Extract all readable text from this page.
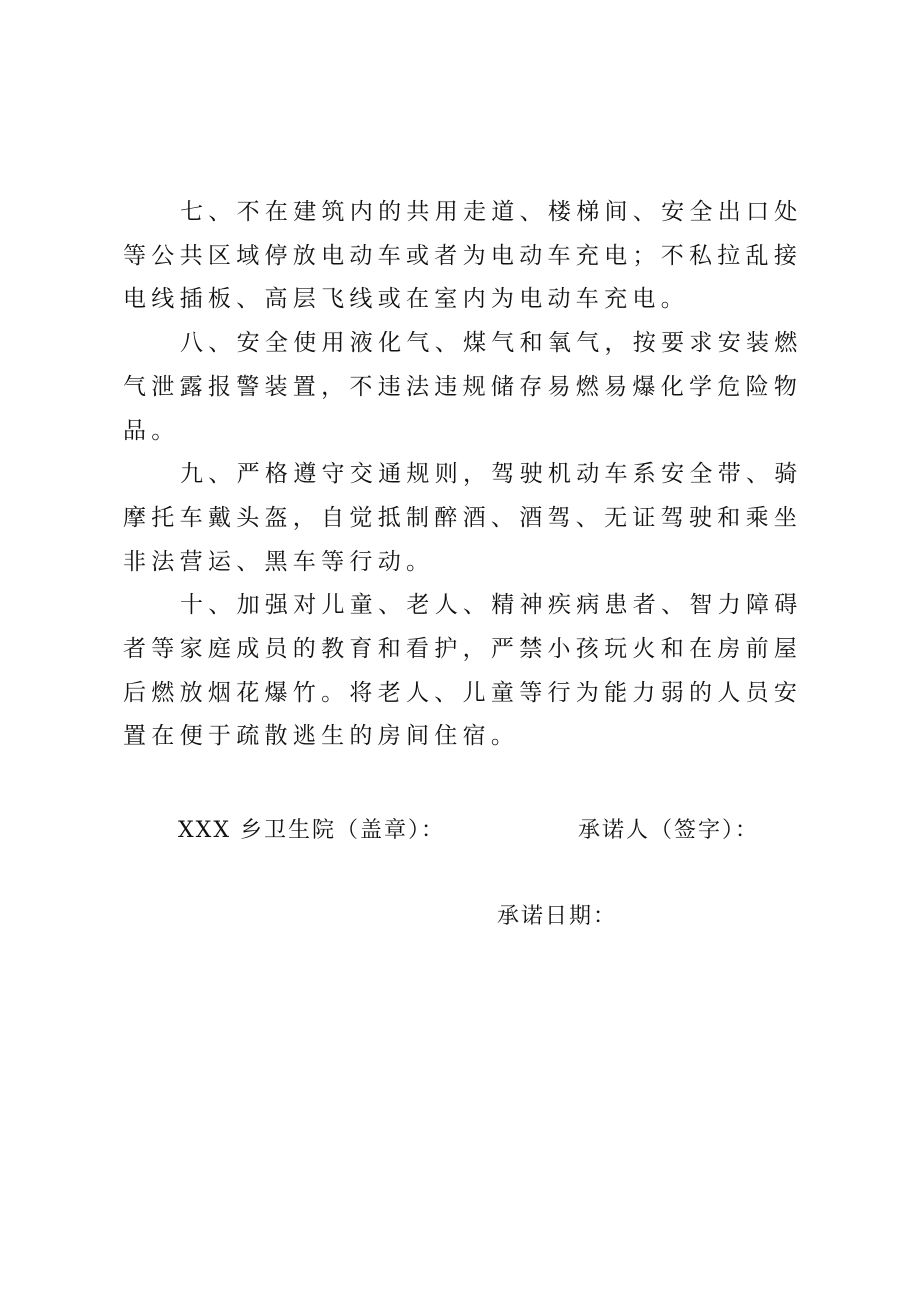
七、不在建筑内的共用走道、楼梯间、安全出口处等公共区域停放电动车或者为电动车充电；不私拉乱接电线插板、高层飞线或在室内为电动车充电。

八、安全使用液化气、煤气和氧气，按要求安装燃气泄露报警装置，不违法违规储存易燃易爆化学危险物品。

九、严格遵守交通规则，驾驶机动车系安全带、骑摩托车戴头盔，自觉抵制醉酒、酒驾、无证驾驶和乘坐非法营运、黑车等行动。

十、加强对儿童、老人、精神疾病患者、智力障碍者等家庭成员的教育和看护，严禁小孩玩火和在房前屋后燃放烟花爆竹。将老人、儿童等行为能力弱的人员安置在便于疏散逃生的房间住宿。

XXX 乡卫生院（盖章）：	承诺人（签字）：
承诺日期：
